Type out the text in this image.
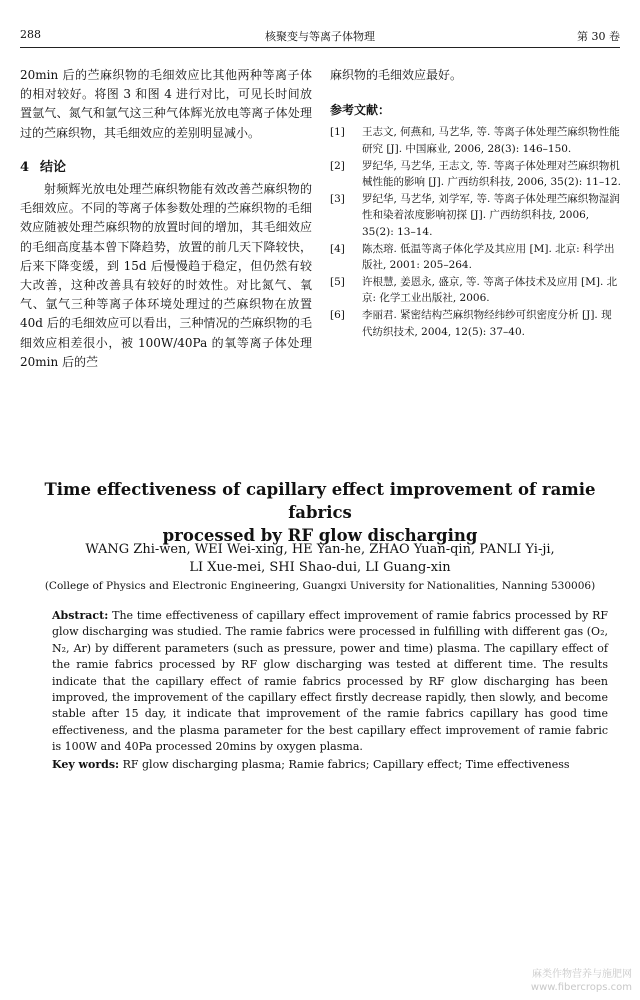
288	核聚变与等离子体物理	第 30 卷

20min 后的苎麻织物的毛细效应比其他两种等离子体的相对较好。将图 3 和图 4 进行对比，可见长时间放置氩气、氮气和氩气这三种气体辉光放电等离子体处理过的苎麻织物，其毛细效应的差别明显减小。

4 结论

射频辉光放电处理苎麻织物能有效改善苎麻织物的毛细效应。不同的等离子体参数处理的苎麻织物的毛细效应随被处理苎麻织物的放置时间的增加，其毛细效应的毛细高度基本曾下降趋势，放置的前几天下降较快，后来下降变缓，到 15d 后慢慢趋于稳定，但仍然有较大改善，这种改善具有较好的时效性。对比氮气、氧气、氩气三种等离子体环境处理过的苎麻织物在放置 40d 后的毛细效应可以看出，三种情况的苎麻织物的毛细效应相差很小，被 100W/40Pa 的氧等离子体处理 20min 后的苎

麻织物的毛细效应最好。

参考文献：
[1] 王志文, 何燕和, 马艺华, 等. 等离子体处理苎麻织物性能研究 [J]. 中国麻业, 2006, 28(3): 146–150.
[2] 罗纪华, 马艺华, 王志文, 等. 等离子体处理对苎麻织物机械性能的影响 [J]. 广西纺织科技, 2006, 35(2): 11–12.
[3] 罗纪华, 马艺华, 刘学军, 等. 等离子体处理苎麻织物湿润性和染着浓度影响初探 [J]. 广西纺织科技, 2006, 35(2): 13–14.
[4] 陈杰瑢. 低温等离子体化学及其应用 [M]. 北京: 科学出版社, 2001: 205–264.
[5] 许根慧, 姜恩永, 盛京, 等. 等离子体技术及应用 [M]. 北京: 化学工业出版社, 2006.
[6] 李丽君. 紧密结构苎麻织物经纬纱可织密度分析 [J]. 现代纺织技术, 2004, 12(5): 37–40.
Time effectiveness of capillary effect improvement of ramie fabrics
processed by RF glow discharging
WANG Zhi-wen, WEI Wei-xing, HE Yan-he, ZHAO Yuan-qin, PANLI Yi-ji,
LI Xue-mei, SHI Shao-dui, LI Guang-xin
(College of Physics and Electronic Engineering, Guangxi University for Nationalities, Nanning 530006)

Abstract: The time effectiveness of capillary effect improvement of ramie fabrics processed by RF glow discharging was studied. The ramie fabrics were processed in fulfilling with different gas (O₂, N₂, Ar) by different parameters (such as pressure, power and time) plasma. The capillary effect of the ramie fabrics processed by RF glow discharging was tested at different time. The results indicate that the capillary effect of ramie fabrics processed by RF glow discharging has been improved, the improvement of the capillary effect firstly decrease rapidly, then slowly, and become stable after 15 day, it indicate that improvement of the ramie fabrics capillary has good time effectiveness, and the plasma parameter for the best capillary effect improvement of ramie fabric is 100W and 40Pa processed 20mins by oxygen plasma.

Key words: RF glow discharging plasma; Ramie fabrics; Capillary effect; Time effectiveness

麻类作物营养与施肥网
www.fibercrops.com
